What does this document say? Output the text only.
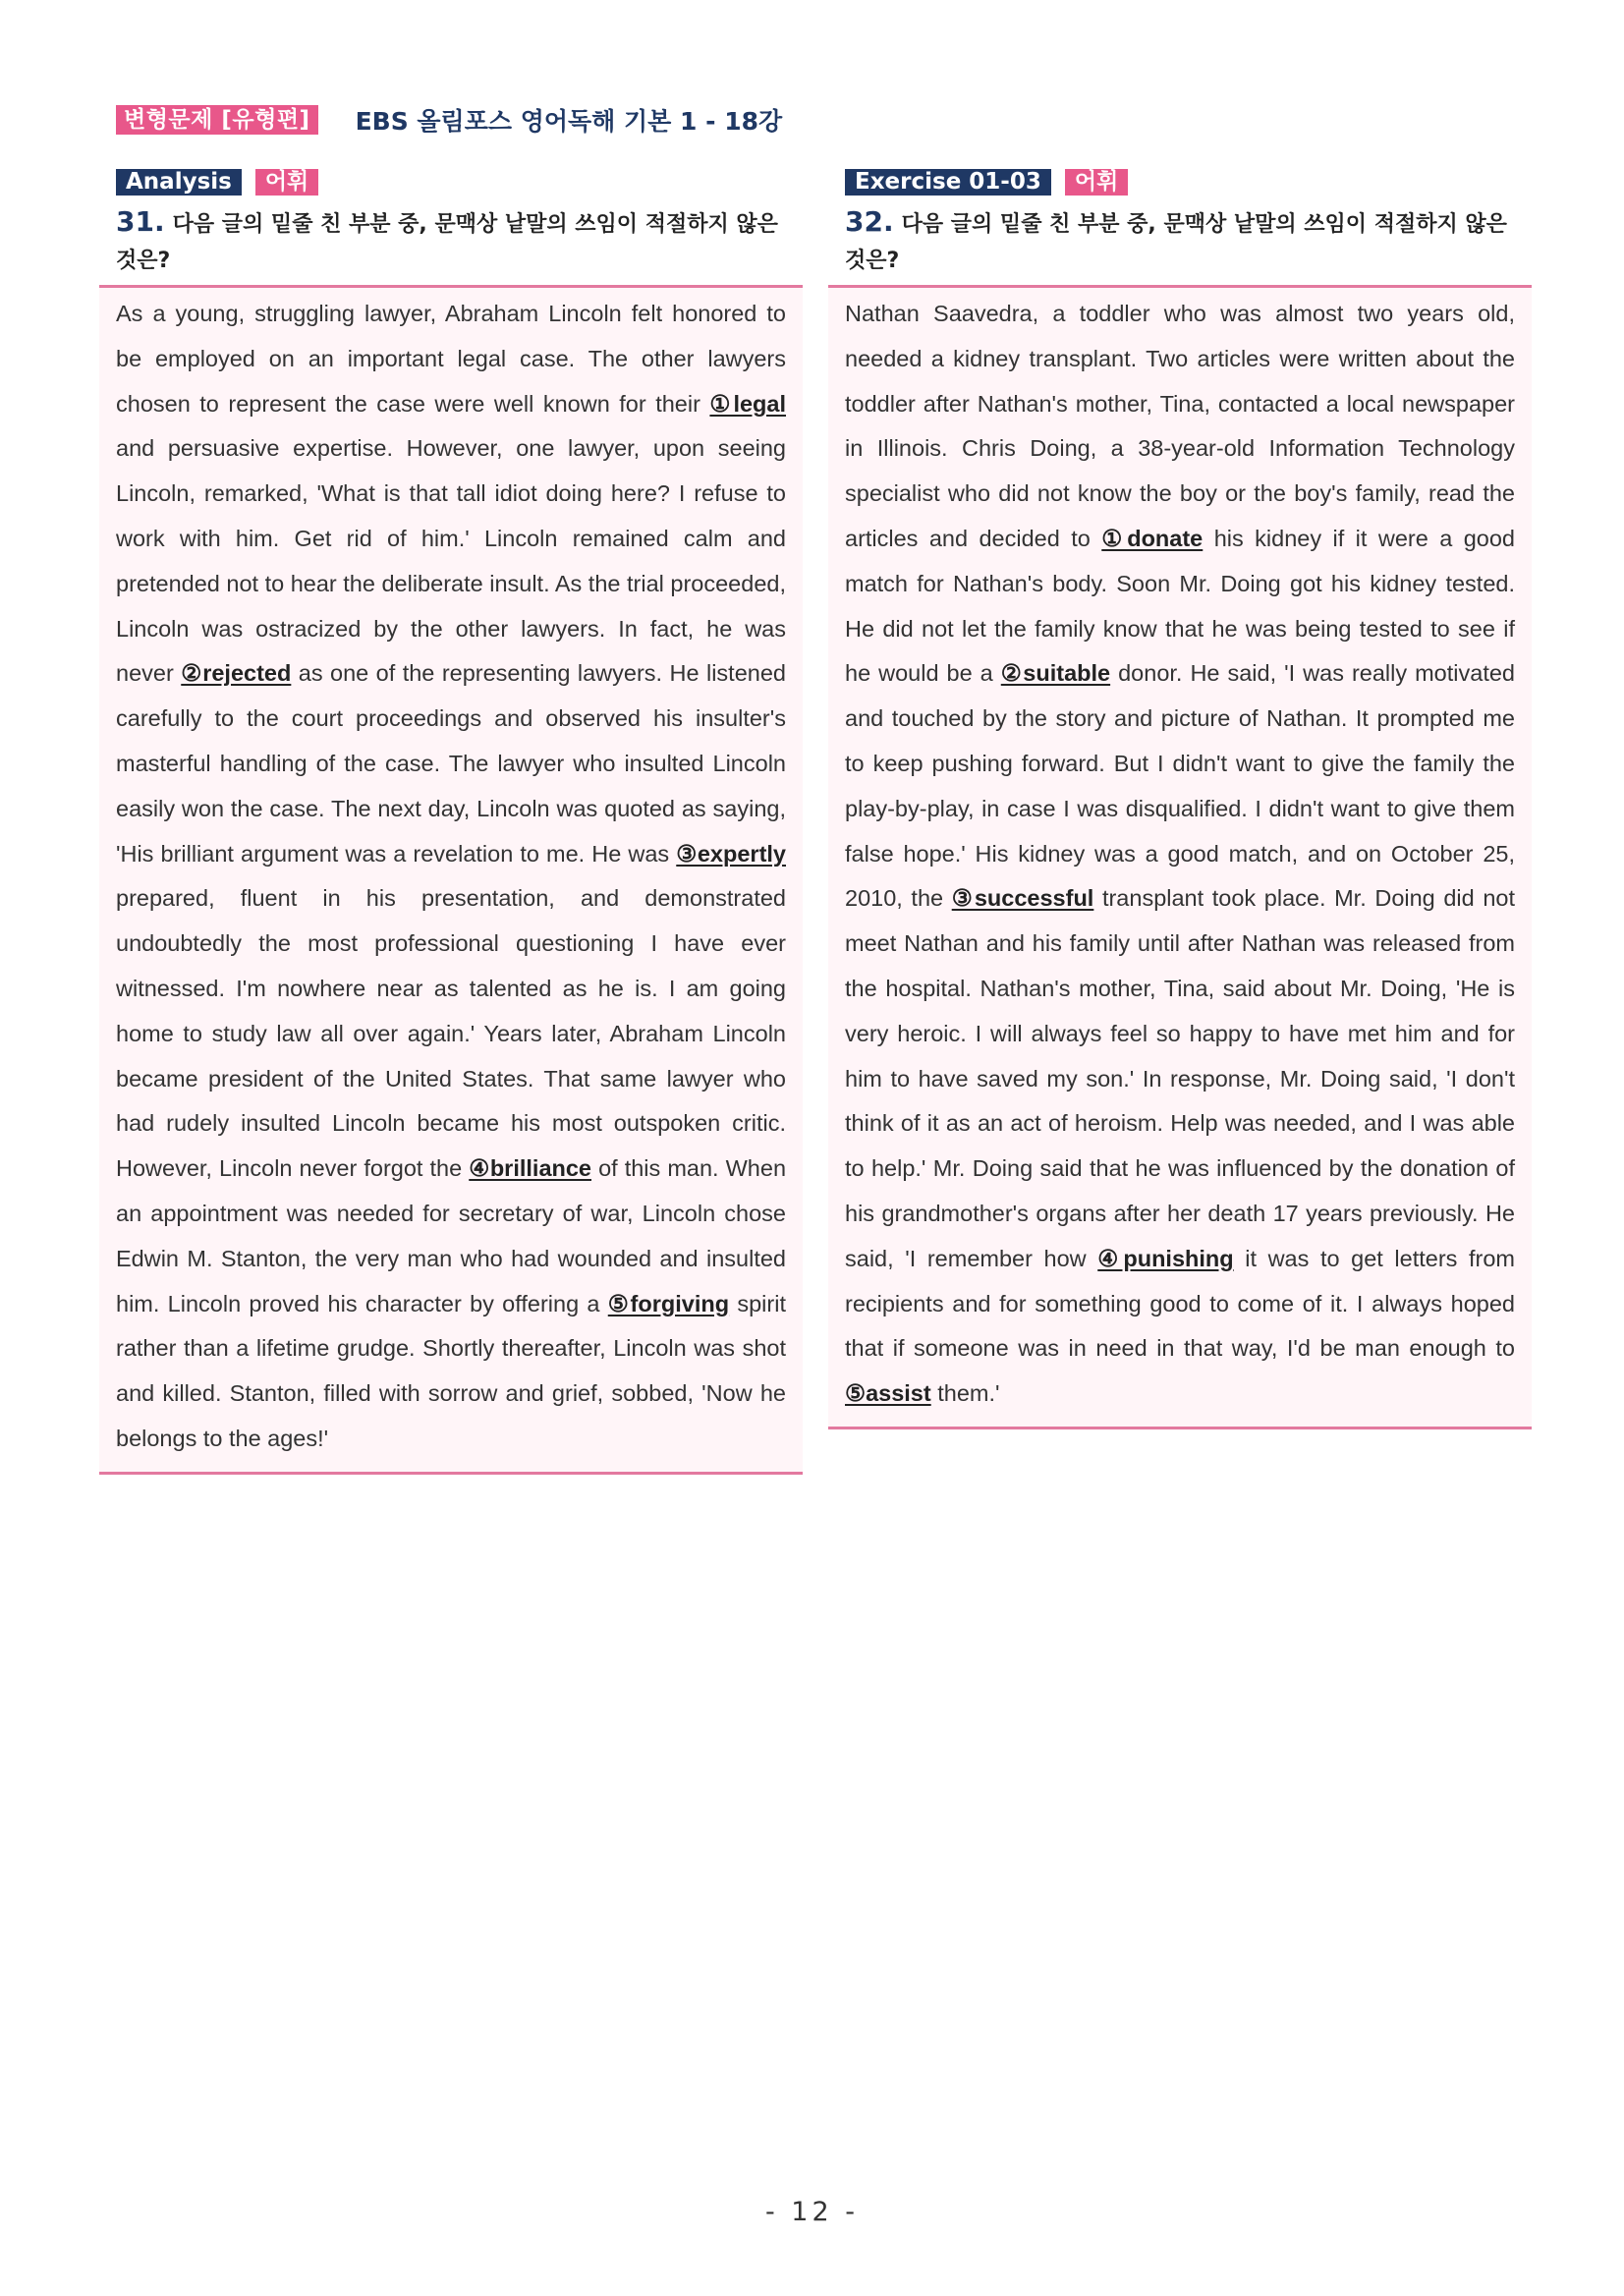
변형문제 [유형편]	EBS 올림포스 영어독해 기본 1 - 18강
Analysis	어휘
31. 다음 글의 밑줄 친 부분 중, 문맥상 낱말의 쓰임이 적절하지 않은 것은?

As a young, struggling lawyer, Abraham Lincoln felt honored to be employed on an important legal case. The other lawyers chosen to represent the case were well known for their ①legal and persuasive expertise. However, one lawyer, upon seeing Lincoln, remarked, 'What is that tall idiot doing here? I refuse to work with him. Get rid of him.' Lincoln remained calm and pretended not to hear the deliberate insult. As the trial proceeded, Lincoln was ostracized by the other lawyers. In fact, he was never ②rejected as one of the representing lawyers. He listened carefully to the court proceedings and observed his insulter's masterful handling of the case. The lawyer who insulted Lincoln easily won the case. The next day, Lincoln was quoted as saying, 'His brilliant argument was a revelation to me. He was ③expertly prepared, fluent in his presentation, and demonstrated undoubtedly the most professional questioning I have ever witnessed. I'm nowhere near as talented as he is. I am going home to study law all over again.' Years later, Abraham Lincoln became president of the United States. That same lawyer who had rudely insulted Lincoln became his most outspoken critic. However, Lincoln never forgot the ④brilliance of this man. When an appointment was needed for secretary of war, Lincoln chose Edwin M. Stanton, the very man who had wounded and insulted him. Lincoln proved his character by offering a ⑤forgiving spirit rather than a lifetime grudge. Shortly thereafter, Lincoln was shot and killed. Stanton, filled with sorrow and grief, sobbed, 'Now he belongs to the ages!'

Exercise 01-03	어휘
32. 다음 글의 밑줄 친 부분 중, 문맥상 낱말의 쓰임이 적절하지 않은 것은?

Nathan Saavedra, a toddler who was almost two years old, needed a kidney transplant. Two articles were written about the toddler after Nathan's mother, Tina, contacted a local newspaper in Illinois. Chris Doing, a 38-year-old Information Technology specialist who did not know the boy or the boy's family, read the articles and decided to ①donate his kidney if it were a good match for Nathan's body. Soon Mr. Doing got his kidney tested. He did not let the family know that he was being tested to see if he would be a ②suitable donor. He said, 'I was really motivated and touched by the story and picture of Nathan. It prompted me to keep pushing forward. But I didn't want to give the family the play-by-play, in case I was disqualified. I didn't want to give them false hope.' His kidney was a good match, and on October 25, 2010, the ③successful transplant took place. Mr. Doing did not meet Nathan and his family until after Nathan was released from the hospital. Nathan's mother, Tina, said about Mr. Doing, 'He is very heroic. I will always feel so happy to have met him and for him to have saved my son.' In response, Mr. Doing said, 'I don't think of it as an act of heroism. Help was needed, and I was able to help.' Mr. Doing said that he was influenced by the donation of his grandmother's organs after her death 17 years previously. He said, 'I remember how ④punishing it was to get letters from recipients and for something good to come of it. I always hoped that if someone was in need in that way, I'd be man enough to ⑤assist them.'

- 12 -
